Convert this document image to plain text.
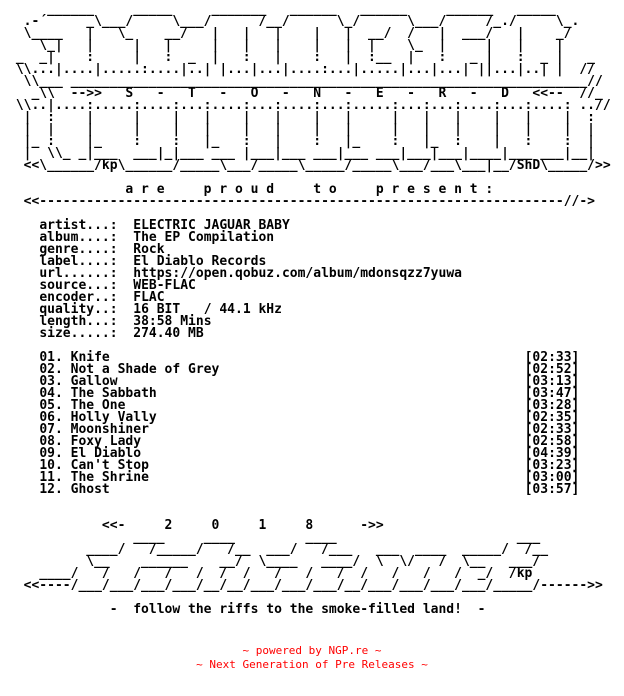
______     _____     _______   ______   ______     ______   _____
.-´     _\___/     \___/      /__/      \_/      \___/     /_./     \_.
\____   |   \_    __/   |   |   |    |   |  __/  /   |  ___/   |    _/
\_|   |     |   |     |   |   |    |   |  |    \_  |     |   |    |
_  _|    :     |   :  _  |   :   |    :   |  :__  |   :   _ |   :  _ |   _
\\...|....|.....:....|..| |...|...|....:...|.....|...|...| ||...|..| |  //
\\___ __________________________________________________________________//
_\\  -->>   S   -   T   -   O   -   N   -   E   -   R   -   D   <<--  //_
\\..|....:.....:....:...:....:...:....:...:.....:...:...:....:...:....: ..//
|  :    |     |    |   |    |   |    |   |     |   |   |    |   |    |  :
|  |    |     |    |   |    |   |    |   |     |   |   |    |   |    |  |
|_ :    |_    :    :   |_   :   |    :   |_    :   |_  :    |   :    :  |
|  \\_ _|___  ___|_|___ ___ |___|___ ___|___ ___|___|___|____|___ ___|__|
<<\______/kp\______/_____\___/_____\_____/_____\___/___\___|__/ShD\_____/>>

a r e     p r o u d     t o     p r e s e n t :
<<-------------------------------------------------------------------//->

artist...: ELECTRIC JAGUAR BABY
album....: The EP Compilation
genre....: Rock
label....: El Diablo Records
url......: https://open.qobuz.com/album/mdonsqzz7yuwa
source...: WEB-FLAC
encoder..: FLAC
quality..: 16 BIT   / 44.1 kHz
length...: 38:58 Mins
size.....: 274.40 MB

01. Knife	[02:33]
02. Not a Shade of Grey	[02:52]
03. Gallow	[03:13]
04. The Sabbath	[03:47]
05. The One	[03:28]
06. Holly Vally	[02:35]
07. Moonshiner	[02:33]
08. Foxy Lady	[02:58]
09. El Diablo	[04:39]
10. Can't Stop	[03:23]
11. The Shrine	[03:00]
12. Ghost	[03:57]

<<-     2     0     1     8      ->>
____     ____         ____                       ___
____/   /_____/   /__  ___/   /___   ___  ____  _____/  /__
\__    ______    __/  \____   ____/  \  \/   /  \__   ___/
____/   /   /   /   /  /  /   /   /   /  /   /   /   /  _/  /kp
<<----/___/___/___/___/__/__/___/___/___/__/___/___/___/___/_____/------>>

-  follow the riffs to the smoke-filled land!  -
~ powered by NGP.re ~
~ Next Generation of Pre Releases ~
